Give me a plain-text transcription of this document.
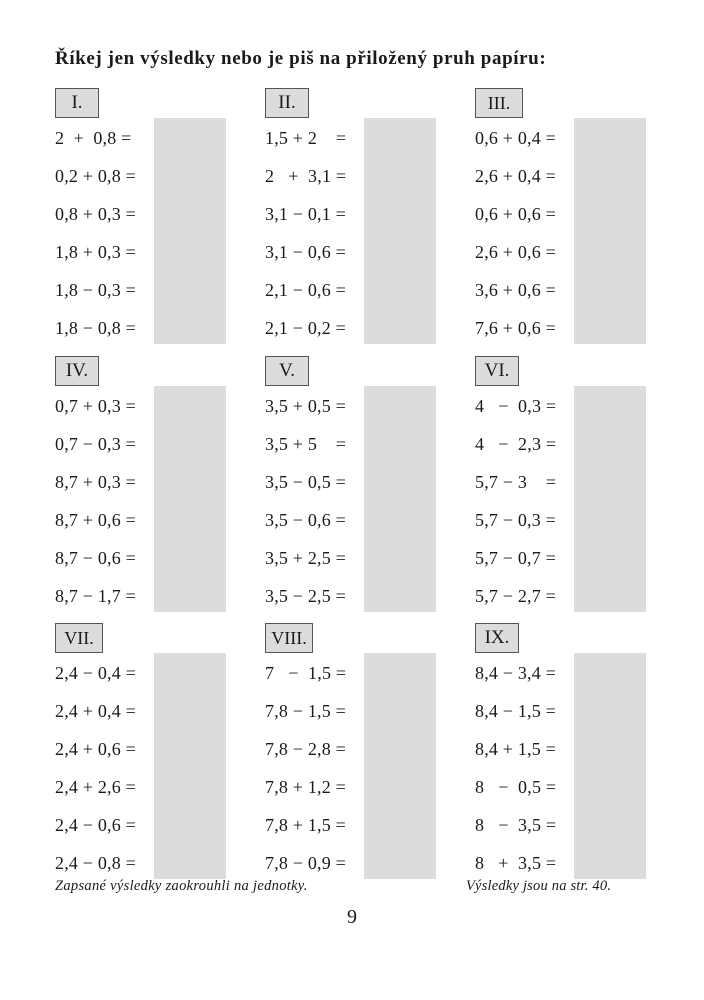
Říkej jen výsledky nebo je piš na přiložený pruh papíru:
I.
2  +  0,8 =
0,2 + 0,8 =
0,8 + 0,3 =
1,8 + 0,3 =
1,8 − 0,3 =
1,8 − 0,8 =
II.
1,5 + 2    =
2   +  3,1 =
3,1 − 0,1 =
3,1 − 0,6 =
2,1 − 0,6 =
2,1 − 0,2 =
III.
0,6 + 0,4 =
2,6 + 0,4 =
0,6 + 0,6 =
2,6 + 0,6 =
3,6 + 0,6 =
7,6 + 0,6 =
IV.
0,7 + 0,3 =
0,7 − 0,3 =
8,7 + 0,3 =
8,7 + 0,6 =
8,7 − 0,6 =
8,7 − 1,7 =
V.
3,5 + 0,5 =
3,5 + 5    =
3,5 − 0,5 =
3,5 − 0,6 =
3,5 + 2,5 =
3,5 − 2,5 =
VI.
4   −  0,3 =
4   −  2,3 =
5,7 − 3    =
5,7 − 0,3 =
5,7 − 0,7 =
5,7 − 2,7 =
VII.
2,4 − 0,4 =
2,4 + 0,4 =
2,4 + 0,6 =
2,4 + 2,6 =
2,4 − 0,6 =
2,4 − 0,8 =
VIII.
7   −  1,5 =
7,8 − 1,5 =
7,8 − 2,8 =
7,8 + 1,2 =
7,8 + 1,5 =
7,8 − 0,9 =
IX.
8,4 − 3,4 =
8,4 − 1,5 =
8,4 + 1,5 =
8   −  0,5 =
8   −  3,5 =
8   +  3,5 =
Zapsané výsledky zaokrouhli na jednotky.	Výsledky jsou na str. 40.
9
